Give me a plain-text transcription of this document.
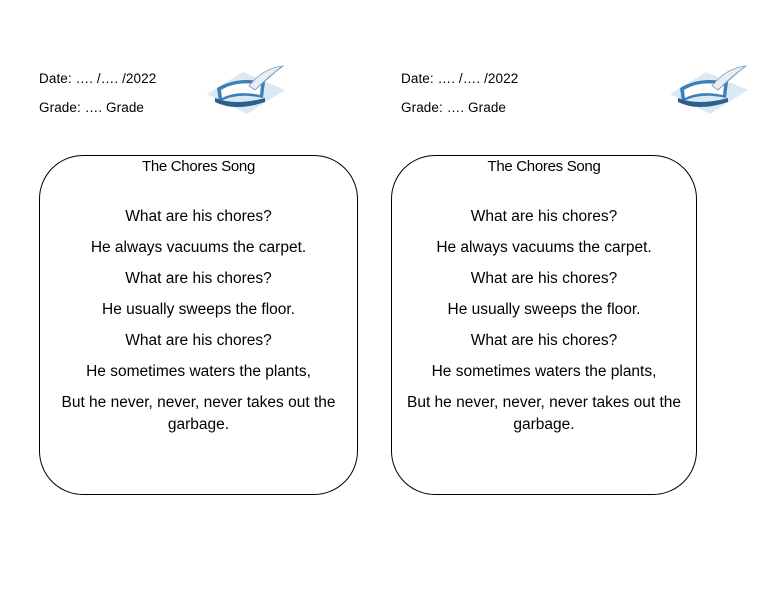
Date: …. /…. /2022
Grade: …. Grade
﻿
The Chores Song
What are his chores?
He always vacuums the carpet.
What are his chores?
He usually sweeps the floor.
What are his chores?
He sometimes waters the plants,
But he never, never, never takes out the garbage.
Date: …. /…. /2022
Grade: …. Grade
The Chores Song
What are his chores?
He always vacuums the carpet.
What are his chores?
He usually sweeps the floor.
What are his chores?
He sometimes waters the plants,
But he never, never, never takes out the garbage.
